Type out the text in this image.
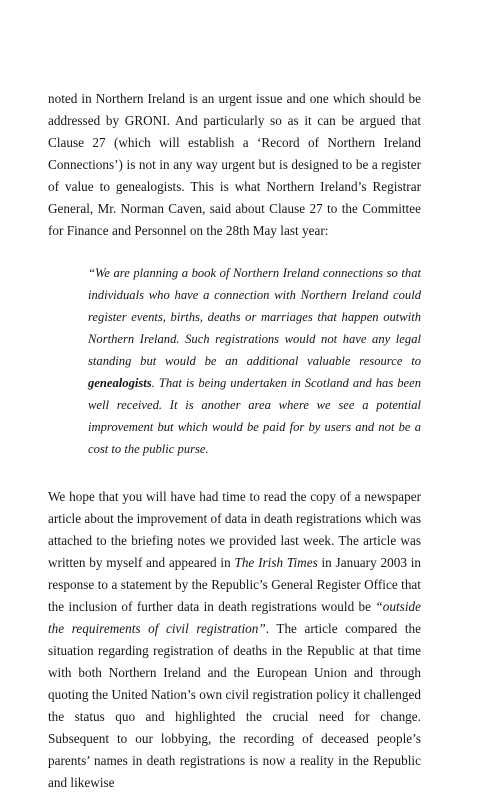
noted in Northern Ireland is an urgent issue and one which should be addressed by GRONI. And particularly so as it can be argued that Clause 27 (which will establish a ‘Record of Northern Ireland Connections’) is not in any way urgent but is designed to be a register of value to genealogists. This is what Northern Ireland’s Registrar General, Mr. Norman Caven, said about Clause 27 to the Committee for Finance and Personnel on the 28th May last year:

“We are planning a book of Northern Ireland connections so that individuals who have a connection with Northern Ireland could register events, births, deaths or marriages that happen outwith Northern Ireland. Such registrations would not have any legal standing but would be an additional valuable resource to genealogists. That is being undertaken in Scotland and has been well received. It is another area where we see a potential improvement but which would be paid for by users and not be a cost to the public purse.

We hope that you will have had time to read the copy of a newspaper article about the improvement of data in death registrations which was attached to the briefing notes we provided last week. The article was written by myself and appeared in The Irish Times in January 2003 in response to a statement by the Republic’s General Register Office that the inclusion of further data in death registrations would be “outside the requirements of civil registration”. The article compared the situation regarding registration of deaths in the Republic at that time with both Northern Ireland and the European Union and through quoting the United Nation’s own civil registration policy it challenged the status quo and highlighted the crucial need for change. Subsequent to our lobbying, the recording of deceased people’s parents’ names in death registrations is now a reality in the Republic and likewise
